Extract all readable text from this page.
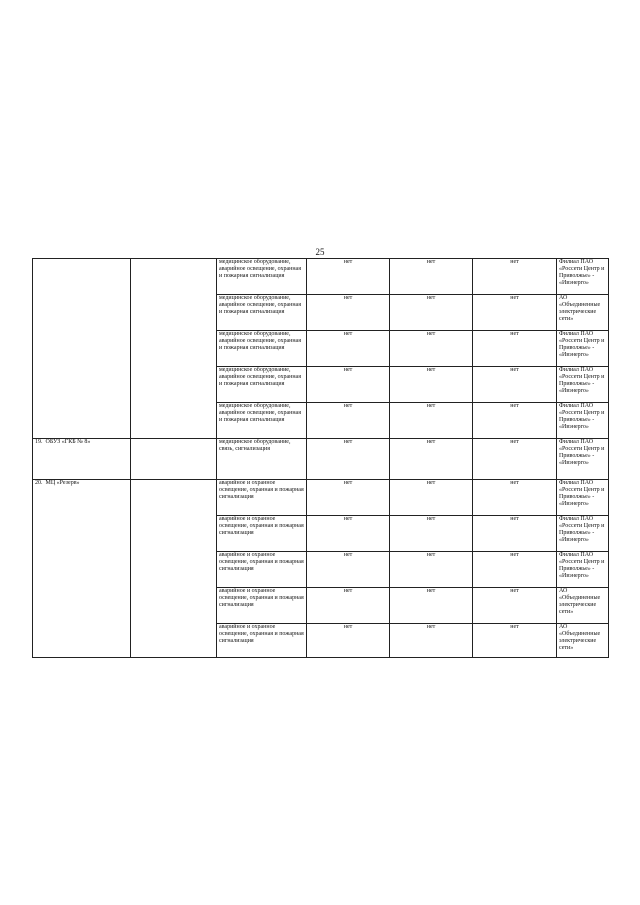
25
		медицинское оборудование, аварийное освещение, охранная и пожарная сигнализация	нет	нет	нет	Филиал ПАО «Россети Центр и Приволжье» - «Ивэнерго»
		медицинское оборудование, аварийное освещение, охранная и пожарная сигнализация	нет	нет	нет	АО «Объединенные электрические сети»
		медицинское оборудование, аварийное освещение, охранная и пожарная сигнализация	нет	нет	нет	Филиал ПАО «Россети Центр и Приволжье» - «Ивэнерго»
		медицинское оборудование, аварийное освещение, охранная и пожарная сигнализация	нет	нет	нет	Филиал ПАО «Россети Центр и Приволжье» - «Ивэнерго»
		медицинское оборудование, аварийное освещение, охранная и пожарная сигнализация	нет	нет	нет	Филиал ПАО «Россети Центр и Приволжье» - «Ивэнерго»
19. ОБУЗ «ГКБ № 8»		медицинское оборудование, связь, сигнализация	нет	нет	нет	Филиал ПАО «Россети Центр и Приволжье» - «Ивэнерго»
20. МЦ «Резерв»		аварийное и охранное освещение, охранная и пожарная сигнализация	нет	нет	нет	Филиал ПАО «Россети Центр и Приволжье» - «Ивэнерго»
		аварийное и охранное освещение, охранная и пожарная сигнализация	нет	нет	нет	Филиал ПАО «Россети Центр и Приволжье» - «Ивэнерго»
		аварийное и охранное освещение, охранная и пожарная сигнализация	нет	нет	нет	Филиал ПАО «Россети Центр и Приволжье» - «Ивэнерго»
		аварийное и охранное освещение, охранная и пожарная сигнализация	нет	нет	нет	АО «Объединенные электрические сети»
		аварийное и охранное освещение, охранная и пожарная сигнализация	нет	нет	нет	АО «Объединенные электрические сети»
